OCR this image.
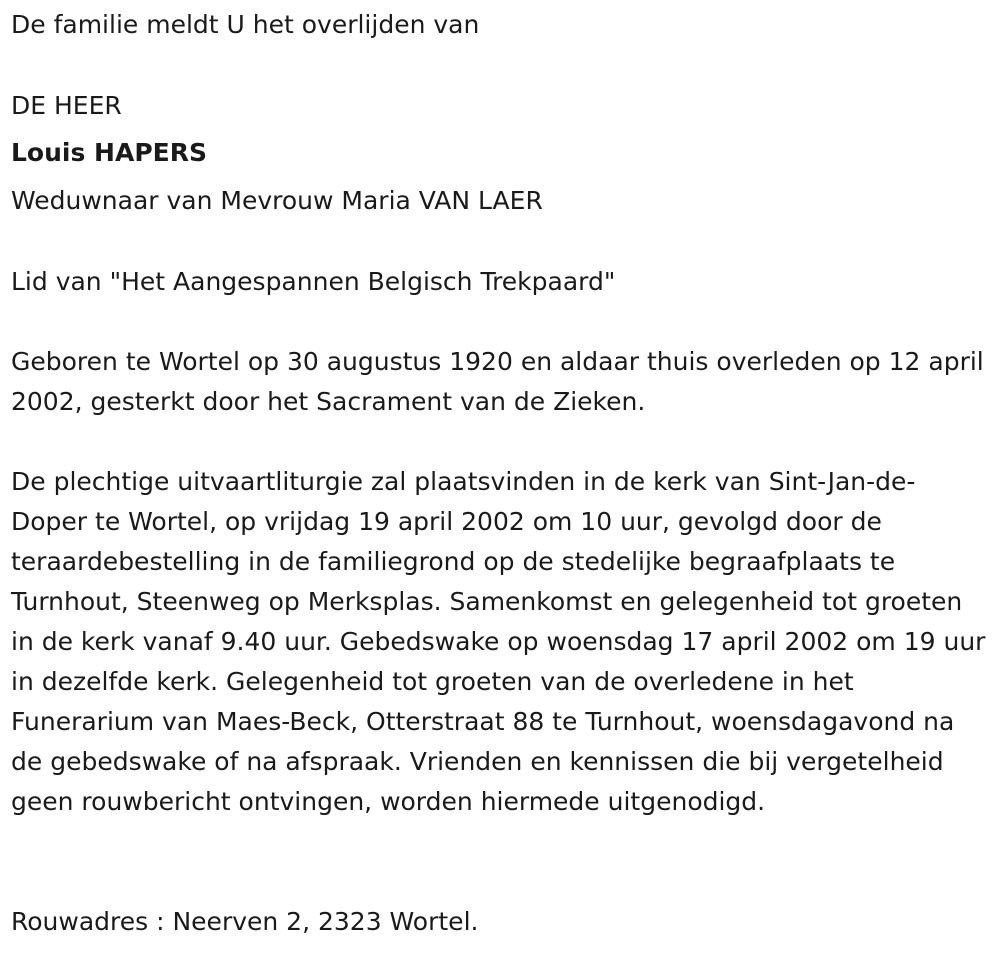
De familie meldt U het overlijden van

DE HEER

Louis HAPERS

Weduwnaar van Mevrouw Maria VAN LAER

Lid van "Het Aangespannen Belgisch Trekpaard"

Geboren te Wortel op 30 augustus 1920 en aldaar thuis overleden op 12 april 2002, gesterkt door het Sacrament van de Zieken.

De plechtige uitvaartliturgie zal plaatsvinden in de kerk van Sint-Jan-de-Doper te Wortel, op vrijdag 19 april 2002 om 10 uur, gevolgd door de teraardebestelling in de familiegrond op de stedelijke begraafplaats te Turnhout, Steenweg op Merksplas. Samenkomst en gelegenheid tot groeten in de kerk vanaf 9.40 uur. Gebedswake op woensdag 17 april 2002 om 19 uur in dezelfde kerk. Gelegenheid tot groeten van de overledene in het Funerarium van Maes-Beck, Otterstraat 88 te Turnhout, woensdagavond na de gebedswake of na afspraak. Vrienden en kennissen die bij vergetelheid geen rouwbericht ontvingen, worden hiermede uitgenodigd.

Rouwadres : Neerven 2, 2323 Wortel.
